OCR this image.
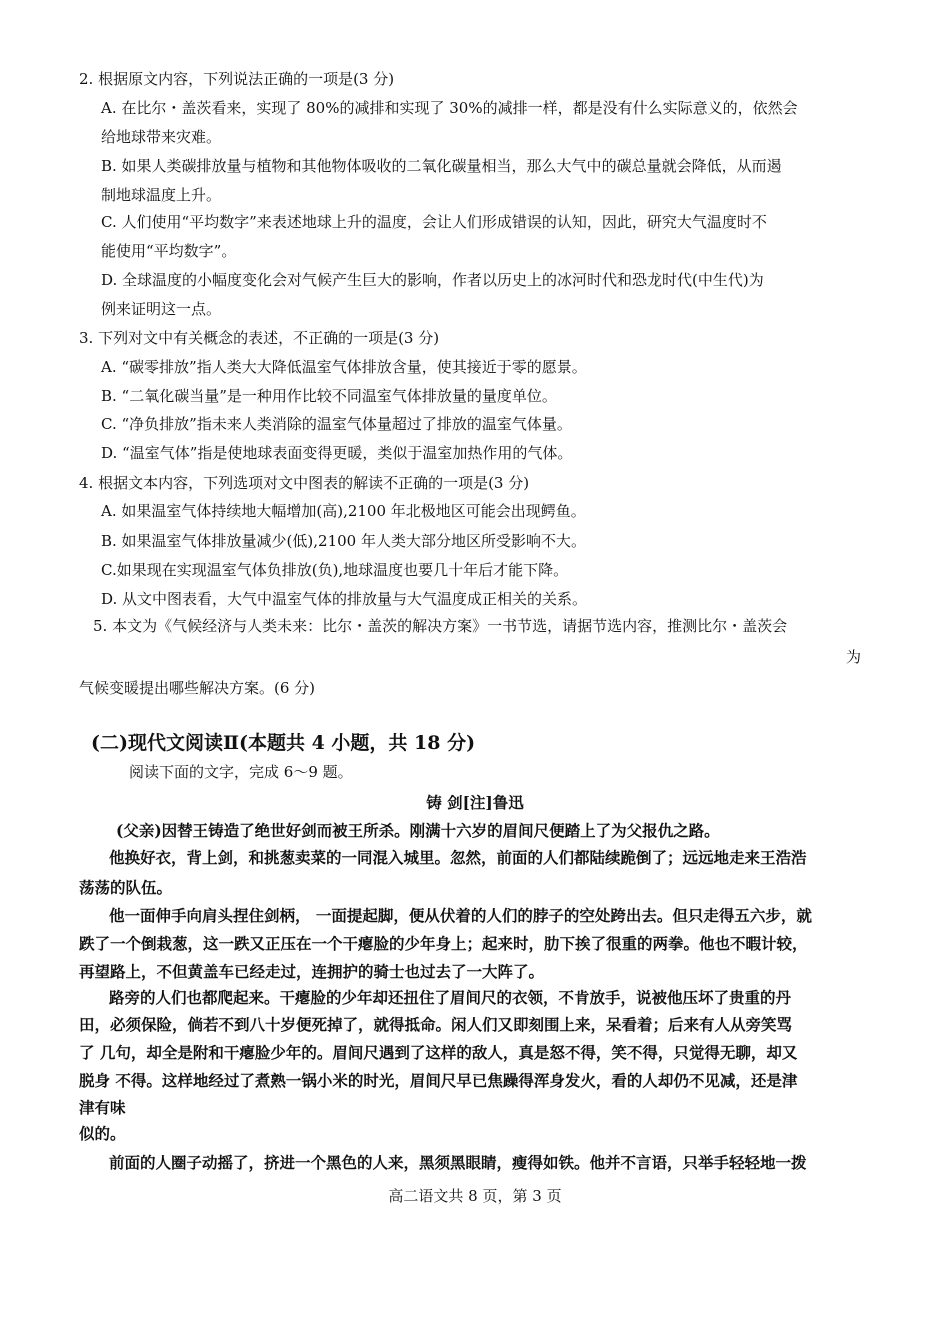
2. 根据原文内容，下列说法正确的一项是(3 分)
A. 在比尔・盖茨看来，实现了 80%的减排和实现了 30%的减排一样，都是没有什么实际意义的，依然会
给地球带来灾难。
B. 如果人类碳排放量与植物和其他物体吸收的二氧化碳量相当，那么大气中的碳总量就会降低，从而遏
制地球温度上升。
C. 人们使用“平均数字”来表述地球上升的温度，会让人们形成错误的认知，因此，研究大气温度时不
能使用“平均数字”。
D. 全球温度的小幅度变化会对气候产生巨大的影响，作者以历史上的冰河时代和恐龙时代(中生代)为
例来证明这一点。
3. 下列对文中有关概念的表述，不正确的一项是(3 分)
A. “碳零排放”指人类大大降低温室气体排放含量，使其接近于零的愿景。
B. “二氧化碳当量”是一种用作比较不同温室气体排放量的量度单位。
C. “净负排放”指未来人类消除的温室气体量超过了排放的温室气体量。
D. “温室气体”指是使地球表面变得更暖，类似于温室加热作用的气体。
4. 根据文本内容，下列选项对文中图表的解读不正确的一项是(3 分)
A. 如果温室气体持续地大幅增加(高),2100 年北极地区可能会出现鳄鱼。
B. 如果温室气体排放量减少(低),2100 年人类大部分地区所受影响不大。
C.如果现在实现温室气体负排放(负),地球温度也要几十年后才能下降。
D. 从文中图表看，大气中温室气体的排放量与大气温度成正相关的关系。
5. 本文为《气候经济与人类未来：比尔・盖茨的解决方案》一书节选，请据节选内容，推测比尔・盖茨会
为
气候变暖提出哪些解决方案。(6 分)
(二)现代文阅读Ⅱ(本题共 4 小题，共 18 分)
阅读下面的文字，完成 6～9 题。
铸 剑[注]鲁迅
(父亲)因替王铸造了绝世好剑而被王所杀。刚满十六岁的眉间尺便踏上了为父报仇之路。
他换好衣，背上剑，和挑葱卖菜的一同混入城里。忽然，前面的人们都陆续跪倒了；远远地走来王浩浩
荡荡的队伍。
他一面伸手向肩头捏住剑柄， 一面提起脚，便从伏着的人们的脖子的空处跨出去。但只走得五六步，就
跌了一个倒栽葱，这一跌又正压在一个干瘪脸的少年身上；起来时，肋下挨了很重的两拳。他也不暇计较，
再望路上，不但黄盖车已经走过，连拥护的骑士也过去了一大阵了。
路旁的人们也都爬起来。干瘪脸的少年却还扭住了眉间尺的衣领，不肯放手，说被他压坏了贵重的丹
田，必须保险，倘若不到八十岁便死掉了，就得抵命。闲人们又即刻围上来，呆看着；后来有人从旁笑骂
了 几句，却全是附和干瘪脸少年的。眉间尺遇到了这样的敌人，真是怒不得，笑不得，只觉得无聊，却又
脱身 不得。这样地经过了煮熟一锅小米的时光，眉间尺早已焦躁得浑身发火，看的人却仍不见减，还是津
津有味
似的。
前面的人圈子动摇了，挤进一个黑色的人来，黑须黑眼睛，瘦得如铁。他并不言语，只举手轻轻地一拨
高二语文共 8 页，第 3 页
